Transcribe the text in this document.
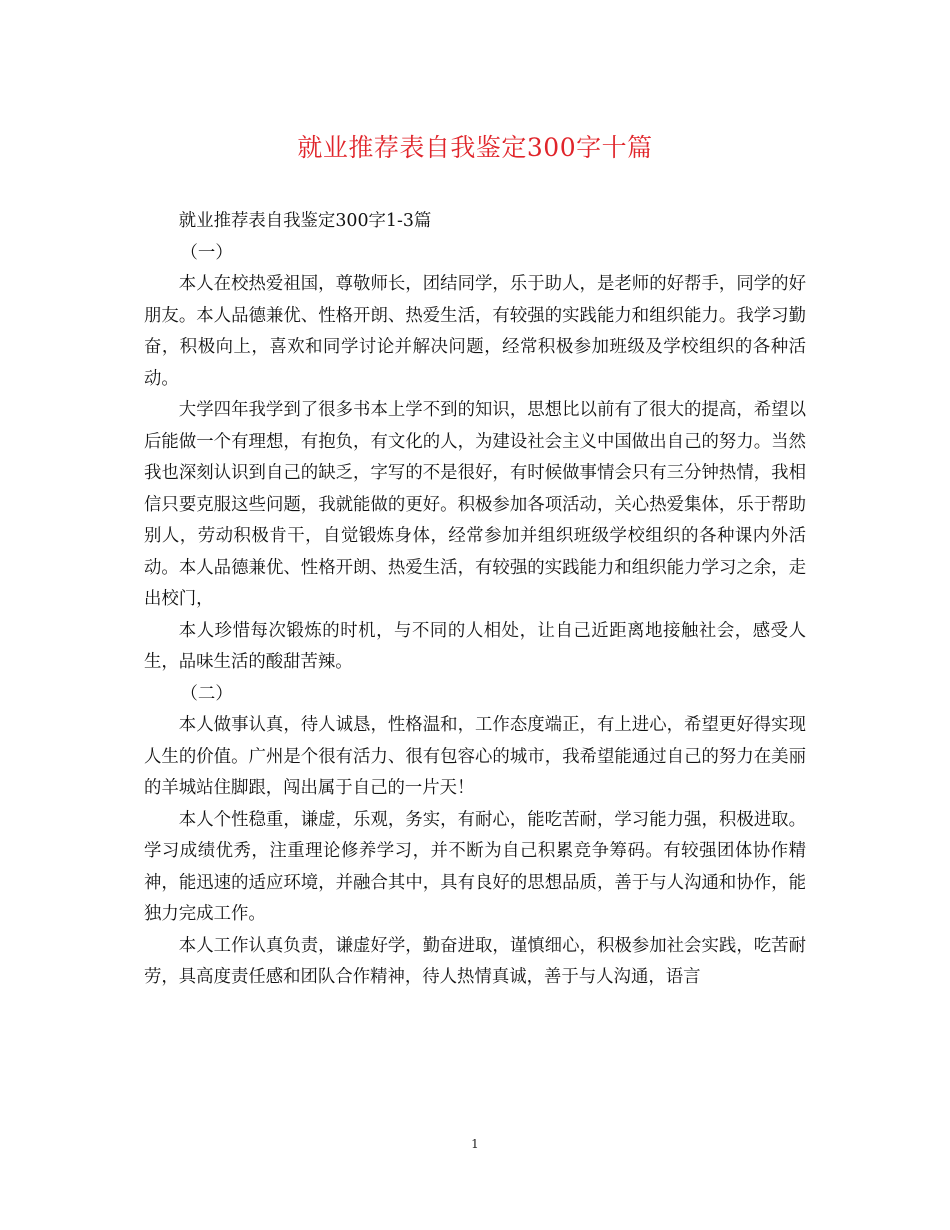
就业推荐表自我鉴定300字十篇

就业推荐表自我鉴定300字1-3篇

（一）

本人在校热爱祖国，尊敬师长，团结同学，乐于助人，是老师的好帮手，同学的好朋友。本人品德兼优、性格开朗、热爱生活，有较强的实践能力和组织能力。我学习勤奋，积极向上，喜欢和同学讨论并解决问题，经常积极参加班级及学校组织的各种活动。

大学四年我学到了很多书本上学不到的知识，思想比以前有了很大的提高，希望以后能做一个有理想，有抱负，有文化的人，为建设社会主义中国做出自己的努力。当然我也深刻认识到自己的缺乏，字写的不是很好，有时候做事情会只有三分钟热情，我相信只要克服这些问题，我就能做的更好。积极参加各项活动，关心热爱集体，乐于帮助别人，劳动积极肯干，自觉锻炼身体，经常参加并组织班级学校组织的各种课内外活动。本人品德兼优、性格开朗、热爱生活，有较强的实践能力和组织能力学习之余，走出校门，

本人珍惜每次锻炼的时机，与不同的人相处，让自己近距离地接触社会，感受人生，品味生活的酸甜苦辣。

（二）

本人做事认真，待人诚恳，性格温和，工作态度端正，有上进心，希望更好得实现人生的价值。广州是个很有活力、很有包容心的城市，我希望能通过自己的努力在美丽的羊城站住脚跟，闯出属于自己的一片天！

本人个性稳重，谦虚，乐观，务实，有耐心，能吃苦耐，学习能力强，积极进取。学习成绩优秀，注重理论修养学习，并不断为自己积累竞争筹码。有较强团体协作精神，能迅速的适应环境，并融合其中，具有良好的思想品质，善于与人沟通和协作，能独力完成工作。

本人工作认真负责，谦虚好学，勤奋进取，谨慎细心，积极参加社会实践，吃苦耐劳，具高度责任感和团队合作精神，待人热情真诚，善于与人沟通，语言

1
